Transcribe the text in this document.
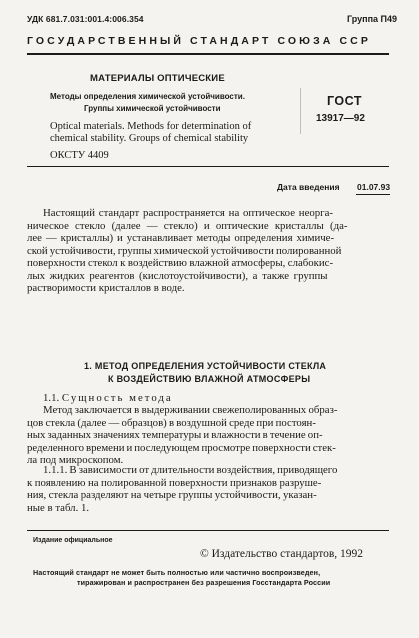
УДК 681.7.031:001.4:006.354	Группа П49
ГОСУДАРСТВЕННЫЙ СТАНДАРТ СОЮЗА ССР
МАТЕРИАЛЫ ОПТИЧЕСКИЕ
Методы определения химической устойчивости.
Группы химической устойчивости
Optical materials. Methods for determination of
chemical stability. Groups of chemical stability
ГОСТ
13917—92
ОКСТУ 4409
Дата введения 01.07.93
Настоящий стандарт распространяется на оптическое неорга-
ническое стекло (далее — стекло) и оптические кристаллы (да-
лее — кристаллы) и устанавливает методы определения химиче-
ской устойчивости, группы химической устойчивости полированной
поверхности стекол к воздействию влажной атмосферы, слабокис-
лых жидких реагентов (кислотоустойчивости), а также группы
растворимости кристаллов в воде.
1. МЕТОД ОПРЕДЕЛЕНИЯ УСТОЙЧИВОСТИ СТЕКЛА
К ВОЗДЕЙСТВИЮ ВЛАЖНОЙ АТМОСФЕРЫ
1.1. Сущность метода
Метод заключается в выдерживании свежеполированных образ-
цов стекла (далее — образцов) в воздушной среде при постоян-
ных заданных значениях температуры и влажности в течение оп-
ределенного времени и последующем просмотре поверхности стек-
ла под микроскопом.
1.1.1. В зависимости от длительности воздействия, приводящего
к появлению на полированной поверхности признаков разруше-
ния, стекла разделяют на четыре группы устойчивости, указан-
ные в табл. 1.
Издание официальное
© Издательство стандартов, 1992
Настоящий стандарт не может быть полностью или частично воспроизведен,
тиражирован и распространен без разрешения Госстандарта России
